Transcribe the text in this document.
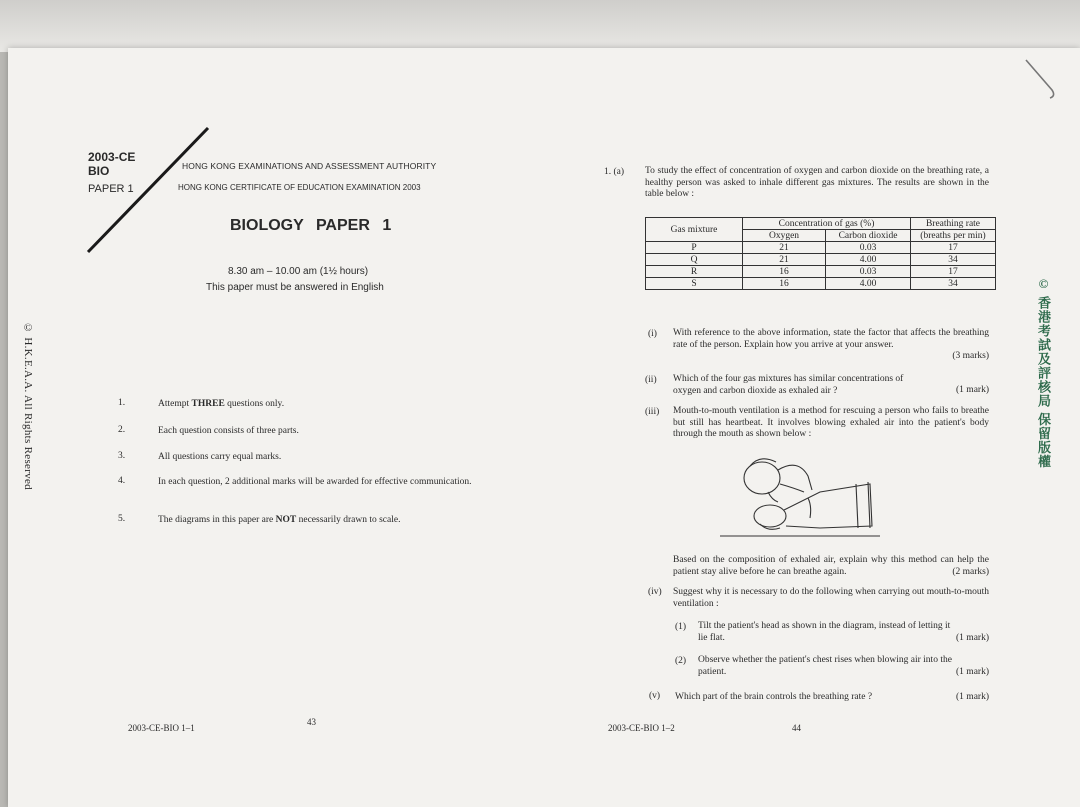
2003-CE
BIO
PAPER 1
HONG KONG EXAMINATIONS AND ASSESSMENT AUTHORITY
HONG KONG CERTIFICATE OF EDUCATION EXAMINATION 2003
BIOLOGY PAPER 1
8.30 am – 10.00 am (1½ hours)
This paper must be answered in English
© H.K.E.A.A. All Rights Reserved	1.	Attempt THREE questions only.
2.	Each question consists of three parts.
3.	All questions carry equal marks.
4.	In each question, 2 additional marks will be awarded for effective communication.
5.	The diagrams in this paper are NOT necessarily drawn to scale.
2003-CE-BIO 1–1
43
© 香港考試及評核局 保留版權
1. (a) To study the effect of concentration of oxygen and carbon dioxide on the breathing rate, a healthy person was asked to inhale different gas mixtures. The results are shown in the table below :
Gas mixture	Concentration of gas (%)		Breathing rate
	Oxygen	Carbon dioxide	(breaths per min)
P	21	0.03	17
Q	21	4.00	34
R	16	0.03	17
S	16	4.00	34
(i) With reference to the above information, state the factor that affects the breathing rate of the person. Explain how you arrive at your answer.
(3 marks)
(ii) Which of the four gas mixtures has similar concentrations of oxygen and carbon dioxide as exhaled air ?	(1 mark)
(iii) Mouth-to-mouth ventilation is a method for rescuing a person who fails to breathe but still has heartbeat. It involves blowing exhaled air into the patient's body through the mouth as shown below :
Based on the composition of exhaled air, explain why this method can help the patient stay alive before he can breathe again.	(2 marks)
(iv) Suggest why it is necessary to do the following when carrying out mouth-to-mouth ventilation :
(1) Tilt the patient's head as shown in the diagram, instead of letting it lie flat.	(1 mark)
(2) Observe whether the patient's chest rises when blowing air into the patient.	(1 mark)
(v) Which part of the brain controls the breathing rate ?	(1 mark)
2003-CE-BIO 1–2	44
